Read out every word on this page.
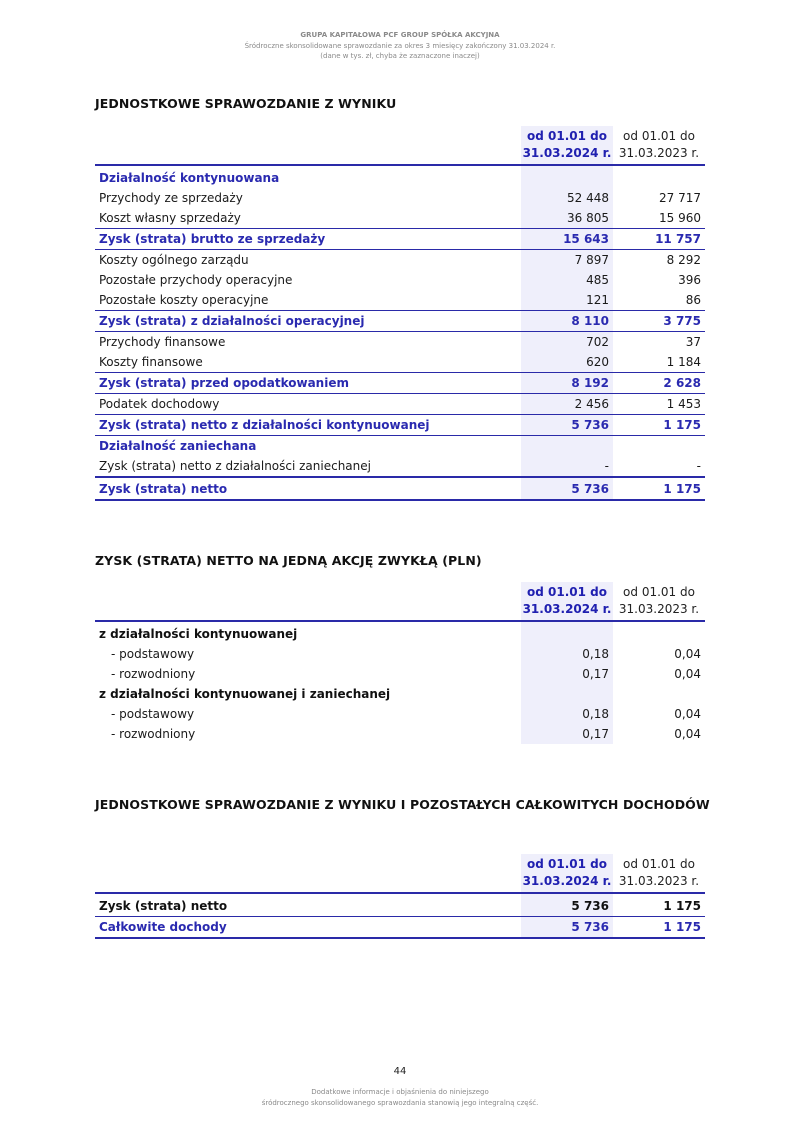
GRUPA KAPITAŁOWA PCF GROUP SPÓŁKA AKCYJNA
Śródroczne skonsolidowane sprawozdanie za okres 3 miesięcy zakończony 31.03.2024 r.
(dane w tys. zł, chyba że zaznaczone inaczej)
JEDNOSTKOWE SPRAWOZDANIE Z WYNIKU
	od 01.01 do
31.03.2024 r.	od 01.01 do
31.03.2023 r.

Działalność kontynuowana		
Przychody ze sprzedaży	52 448	27 717
Koszt własny sprzedaży	36 805	15 960
Zysk (strata) brutto ze sprzedaży	15 643	11 757
Koszty ogólnego zarządu	7 897	8 292
Pozostałe przychody operacyjne	485	396
Pozostałe koszty operacyjne	121	86
Zysk (strata) z działalności operacyjnej	8 110	3 775
Przychody finansowe	702	37
Koszty finansowe	620	1 184
Zysk (strata) przed opodatkowaniem	8 192	2 628
Podatek dochodowy	2 456	1 453
Zysk (strata) netto z działalności kontynuowanej	5 736	1 175
Działalność zaniechana		
Zysk (strata) netto z działalności zaniechanej	-	-
Zysk (strata) netto	5 736	1 175
ZYSK (STRATA) NETTO NA JEDNĄ AKCJĘ ZWYKŁĄ (PLN)
	od 01.01 do
31.03.2024 r.	od 01.01 do
31.03.2023 r.

z działalności kontynuowanej		
- podstawowy	0,18	0,04
- rozwodniony	0,17	0,04
z działalności kontynuowanej i zaniechanej		
- podstawowy	0,18	0,04
- rozwodniony	0,17	0,04
JEDNOSTKOWE SPRAWOZDANIE Z WYNIKU I POZOSTAŁYCH CAŁKOWITYCH DOCHODÓW
	od 01.01 do
31.03.2024 r.	od 01.01 do
31.03.2023 r.

Zysk (strata) netto	5 736	1 175
Całkowite dochody	5 736	1 175
44
Dodatkowe informacje i objaśnienia do niniejszego
śródrocznego skonsolidowanego sprawozdania stanowią jego integralną część.
